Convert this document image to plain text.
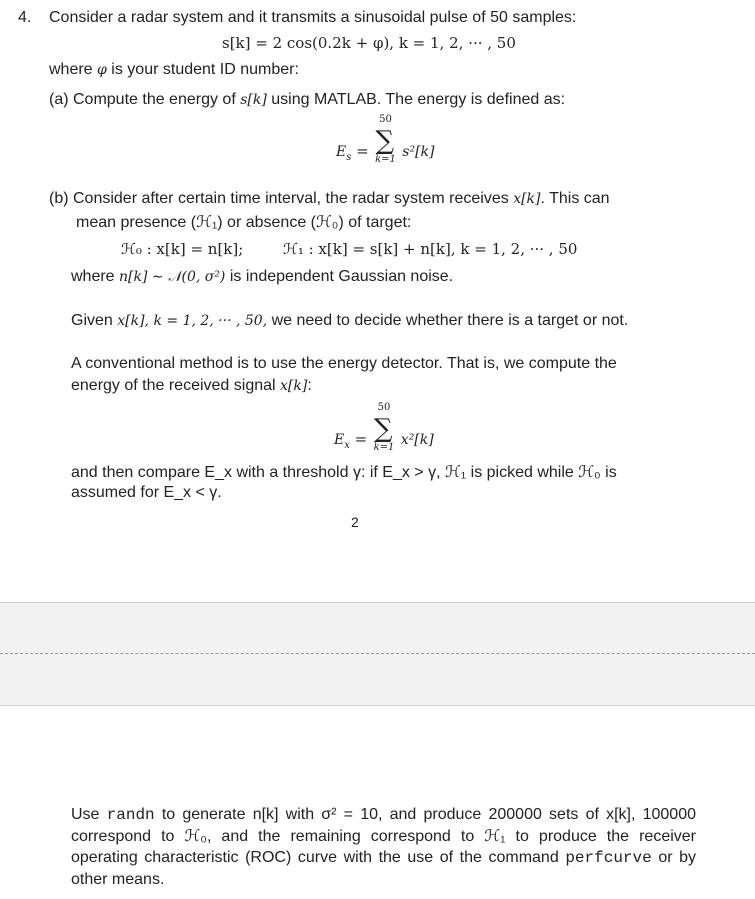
4. Consider a radar system and it transmits a sinusoidal pulse of 50 samples:
s[k] = 2 cos(0.2k + φ), k = 1, 2, ··· , 50
where φ is your student ID number:
(a) Compute the energy of s[k] using MATLAB. The energy is defined as:
$E_s$ =
50
∑
k=1 s²[k]
(b) Consider after certain time interval, the radar system receives x[k]. This can
mean presence (ℋ₁) or absence (ℋ₀) of target:
ℋ₀ : x[k] = n[k];	ℋ₁ : x[k] = s[k] + n[k], k = 1, 2, ··· , 50
where n[k] ∼ 𝒩(0, σ²) is independent Gaussian noise.
Given x[k], k = 1, 2, ··· , 50, we need to decide whether there is a target or not.
A conventional method is to use the energy detector. That is, we compute the
energy of the received signal x[k]:
$E_x$ =
50
∑
k=1 x²[k]
and then compare E_x with a threshold γ: if E_x > γ, ℋ₁ is picked while ℋ₀ is
assumed for E_x < γ.
2
Use randn to generate n[k] with σ² = 10, and produce 200000 sets of x[k], 100000 correspond to ℋ₀, and the remaining correspond to ℋ₁ to produce the receiver operating characteristic (ROC) curve with the use of the command perfcurve or by other means.
